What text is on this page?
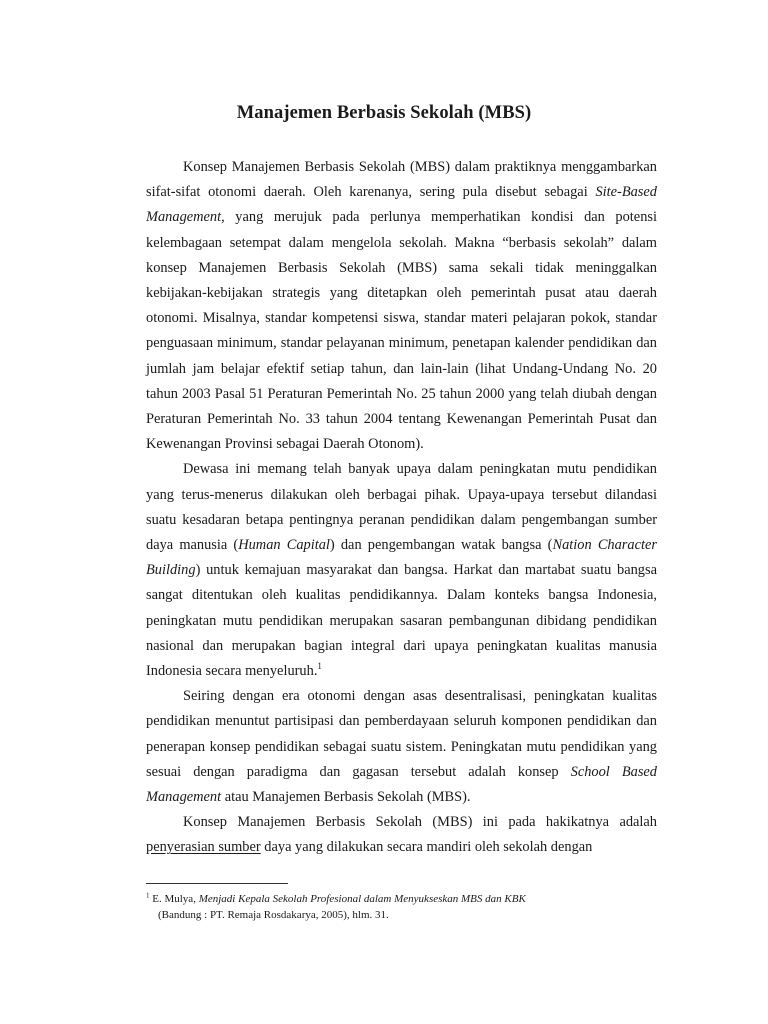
Manajemen Berbasis Sekolah (MBS)

Konsep Manajemen Berbasis Sekolah (MBS) dalam praktiknya menggambarkan sifat-sifat otonomi daerah. Oleh karenanya, sering pula disebut sebagai Site-Based Management, yang merujuk pada perlunya memperhatikan kondisi dan potensi kelembagaan setempat dalam mengelola sekolah. Makna “berbasis sekolah” dalam konsep Manajemen Berbasis Sekolah (MBS) sama sekali tidak meninggalkan kebijakan-kebijakan strategis yang ditetapkan oleh pemerintah pusat atau daerah otonomi. Misalnya, standar kompetensi siswa, standar materi pelajaran pokok, standar penguasaan minimum, standar pelayanan minimum, penetapan kalender pendidikan dan jumlah jam belajar efektif setiap tahun, dan lain-lain (lihat Undang-Undang No. 20 tahun 2003 Pasal 51 Peraturan Pemerintah No. 25 tahun 2000 yang telah diubah dengan Peraturan Pemerintah No. 33 tahun 2004 tentang Kewenangan Pemerintah Pusat dan Kewenangan Provinsi sebagai Daerah Otonom).

Dewasa ini memang telah banyak upaya dalam peningkatan mutu pendidikan yang terus-menerus dilakukan oleh berbagai pihak. Upaya-upaya tersebut dilandasi suatu kesadaran betapa pentingnya peranan pendidikan dalam pengembangan sumber daya manusia (Human Capital) dan pengembangan watak bangsa (Nation Character Building) untuk kemajuan masyarakat dan bangsa. Harkat dan martabat suatu bangsa sangat ditentukan oleh kualitas pendidikannya. Dalam konteks bangsa Indonesia, peningkatan mutu pendidikan merupakan sasaran pembangunan dibidang pendidikan nasional dan merupakan bagian integral dari upaya peningkatan kualitas manusia Indonesia secara menyeluruh.$^1$

Seiring dengan era otonomi dengan asas desentralisasi, peningkatan kualitas pendidikan menuntut partisipasi dan pemberdayaan seluruh komponen pendidikan dan penerapan konsep pendidikan sebagai suatu sistem. Peningkatan mutu pendidikan yang sesuai dengan paradigma dan gagasan tersebut adalah konsep School Based Management atau Manajemen Berbasis Sekolah (MBS).

Konsep Manajemen Berbasis Sekolah (MBS) ini pada hakikatnya adalah penyerasian sumber daya yang dilakukan secara mandiri oleh sekolah dengan

$^1$ E. Mulya, Menjadi Kepala Sekolah Profesional dalam Menyukseskan MBS dan KBK
(Bandung : PT. Remaja Rosdakarya, 2005), hlm. 31.
